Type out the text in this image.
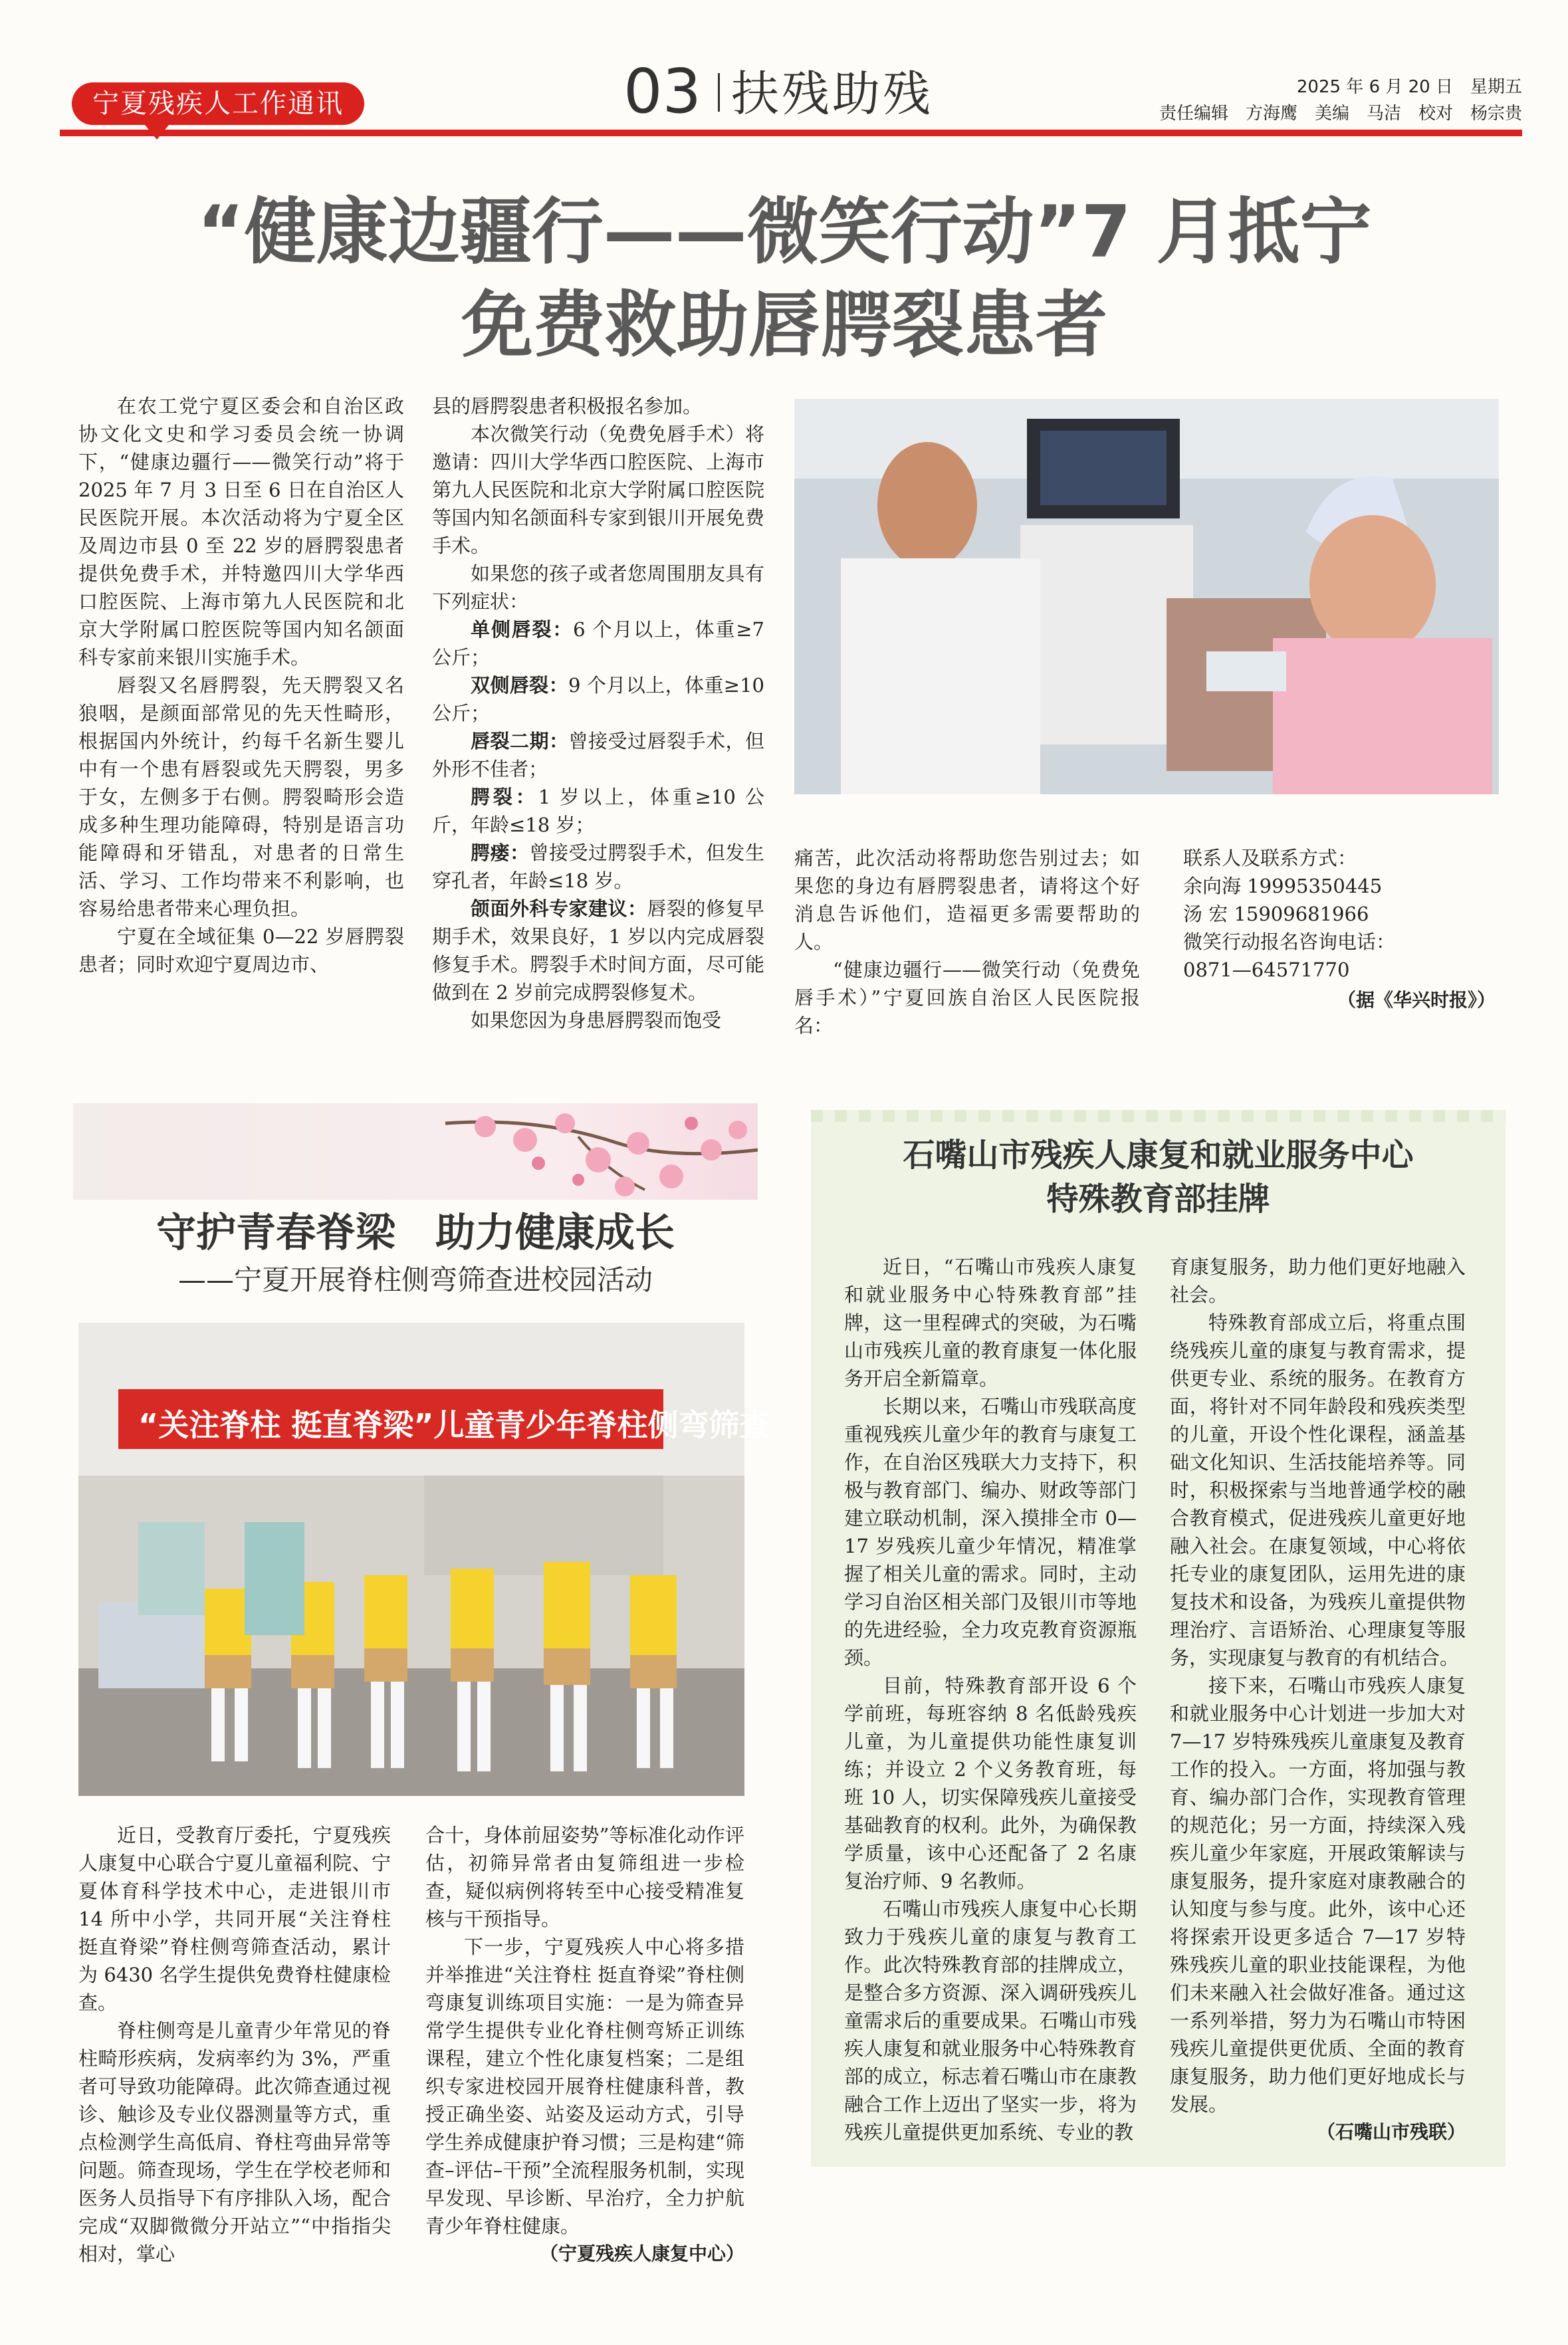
宁夏残疾人工作通讯	03 扶残助残	2025 年 6 月 20 日　星期五
责任编辑　方海鹰　美编　马洁　校对　杨宗贵
“健康边疆行——微笑行动”7 月抵宁
免费救助唇腭裂患者

在农工党宁夏区委会和自治区政协文化文史和学习委员会统一协调下，“健康边疆行——微笑行动”将于 2025 年 7 月 3 日至 6 日在自治区人民医院开展。本次活动将为宁夏全区及周边市县 0 至 22 岁的唇腭裂患者提供免费手术，并特邀四川大学华西口腔医院、上海市第九人民医院和北京大学附属口腔医院等国内知名颌面科专家前来银川实施手术。

唇裂又名唇腭裂，先天腭裂又名狼咽，是颜面部常见的先天性畸形，根据国内外统计，约每千名新生婴儿中有一个患有唇裂或先天腭裂，男多于女，左侧多于右侧。腭裂畸形会造成多种生理功能障碍，特别是语言功能障碍和牙错乱，对患者的日常生活、学习、工作均带来不利影响，也容易给患者带来心理负担。

宁夏在全域征集 0—22 岁唇腭裂患者；同时欢迎宁夏周边市、

县的唇腭裂患者积极报名参加。

本次微笑行动（免费免唇手术）将邀请：四川大学华西口腔医院、上海市第九人民医院和北京大学附属口腔医院等国内知名颌面科专家到银川开展免费手术。

如果您的孩子或者您周围朋友具有下列症状：

单侧唇裂：6 个月以上，体重≥7 公斤；

双侧唇裂：9 个月以上，体重≥10 公斤；

唇裂二期：曾接受过唇裂手术，但外形不佳者；

腭裂：1 岁以上，体重≥10 公斤，年龄≤18 岁；

腭瘘：曾接受过腭裂手术，但发生穿孔者，年龄≤18 岁。

颌面外科专家建议：唇裂的修复早期手术，效果良好，1 岁以内完成唇裂修复手术。腭裂手术时间方面，尽可能做到在 2 岁前完成腭裂修复术。

如果您因为身患唇腭裂而饱受

痛苦，此次活动将帮助您告别过去；如果您的身边有唇腭裂患者，请将这个好消息告诉他们，造福更多需要帮助的人。

“健康边疆行——微笑行动（免费免唇手术）”宁夏回族自治区人民医院报名：

联系人及联系方式：

余向海 19995350445

汤 宏 15909681966

微笑行动报名咨询电话：

0871—64571770

（据《华兴时报》）
守护青春脊梁　助力健康成长
——宁夏开展脊柱侧弯筛查进校园活动
“关注脊柱 挺直脊梁”儿童青少年脊柱侧弯筛查

近日，受教育厅委托，宁夏残疾人康复中心联合宁夏儿童福利院、宁夏体育科学技术中心，走进银川市 14 所中小学，共同开展“关注脊柱 挺直脊梁”脊柱侧弯筛查活动，累计为 6430 名学生提供免费脊柱健康检查。

脊柱侧弯是儿童青少年常见的脊柱畸形疾病，发病率约为 3%，严重者可导致功能障碍。此次筛查通过视诊、触诊及专业仪器测量等方式，重点检测学生高低肩、脊柱弯曲异常等问题。筛查现场，学生在学校老师和医务人员指导下有序排队入场，配合完成“双脚微微分开站立”“中指指尖相对，掌心

合十，身体前屈姿势”等标准化动作评估，初筛异常者由复筛组进一步检查，疑似病例将转至中心接受精准复核与干预指导。

下一步，宁夏残疾人中心将多措并举推进“关注脊柱 挺直脊梁”脊柱侧弯康复训练项目实施：一是为筛查异常学生提供专业化脊柱侧弯矫正训练课程，建立个性化康复档案；二是组织专家进校园开展脊柱健康科普，教授正确坐姿、站姿及运动方式，引导学生养成健康护脊习惯；三是构建“筛查–评估–干预”全流程服务机制，实现早发现、早诊断、早治疗，全力护航青少年脊柱健康。

（宁夏残疾人康复中心）
石嘴山市残疾人康复和就业服务中心
特殊教育部挂牌

近日，“石嘴山市残疾人康复和就业服务中心特殊教育部”挂牌，这一里程碑式的突破，为石嘴山市残疾儿童的教育康复一体化服务开启全新篇章。

长期以来，石嘴山市残联高度重视残疾儿童少年的教育与康复工作，在自治区残联大力支持下，积极与教育部门、编办、财政等部门建立联动机制，深入摸排全市 0—17 岁残疾儿童少年情况，精准掌握了相关儿童的需求。同时，主动学习自治区相关部门及银川市等地的先进经验，全力攻克教育资源瓶颈。

目前，特殊教育部开设 6 个学前班，每班容纳 8 名低龄残疾儿童，为儿童提供功能性康复训练；并设立 2 个义务教育班，每班 10 人，切实保障残疾儿童接受基础教育的权利。此外，为确保教学质量，该中心还配备了 2 名康复治疗师、9 名教师。

石嘴山市残疾人康复中心长期致力于残疾儿童的康复与教育工作。此次特殊教育部的挂牌成立，是整合多方资源、深入调研残疾儿童需求后的重要成果。石嘴山市残疾人康复和就业服务中心特殊教育部的成立，标志着石嘴山市在康教融合工作上迈出了坚实一步，将为残疾儿童提供更加系统、专业的教

育康复服务，助力他们更好地融入社会。

特殊教育部成立后，将重点围绕残疾儿童的康复与教育需求，提供更专业、系统的服务。在教育方面，将针对不同年龄段和残疾类型的儿童，开设个性化课程，涵盖基础文化知识、生活技能培养等。同时，积极探索与当地普通学校的融合教育模式，促进残疾儿童更好地融入社会。在康复领域，中心将依托专业的康复团队，运用先进的康复技术和设备，为残疾儿童提供物理治疗、言语矫治、心理康复等服务，实现康复与教育的有机结合。

接下来，石嘴山市残疾人康复和就业服务中心计划进一步加大对 7—17 岁特殊残疾儿童康复及教育工作的投入。一方面，将加强与教育、编办部门合作，实现教育管理的规范化；另一方面，持续深入残疾儿童少年家庭，开展政策解读与康复服务，提升家庭对康教融合的认知度与参与度。此外，该中心还将探索开设更多适合 7—17 岁特殊残疾儿童的职业技能课程，为他们未来融入社会做好准备。通过这一系列举措，努力为石嘴山市特困残疾儿童提供更优质、全面的教育康复服务，助力他们更好地成长与发展。

（石嘴山市残联）
